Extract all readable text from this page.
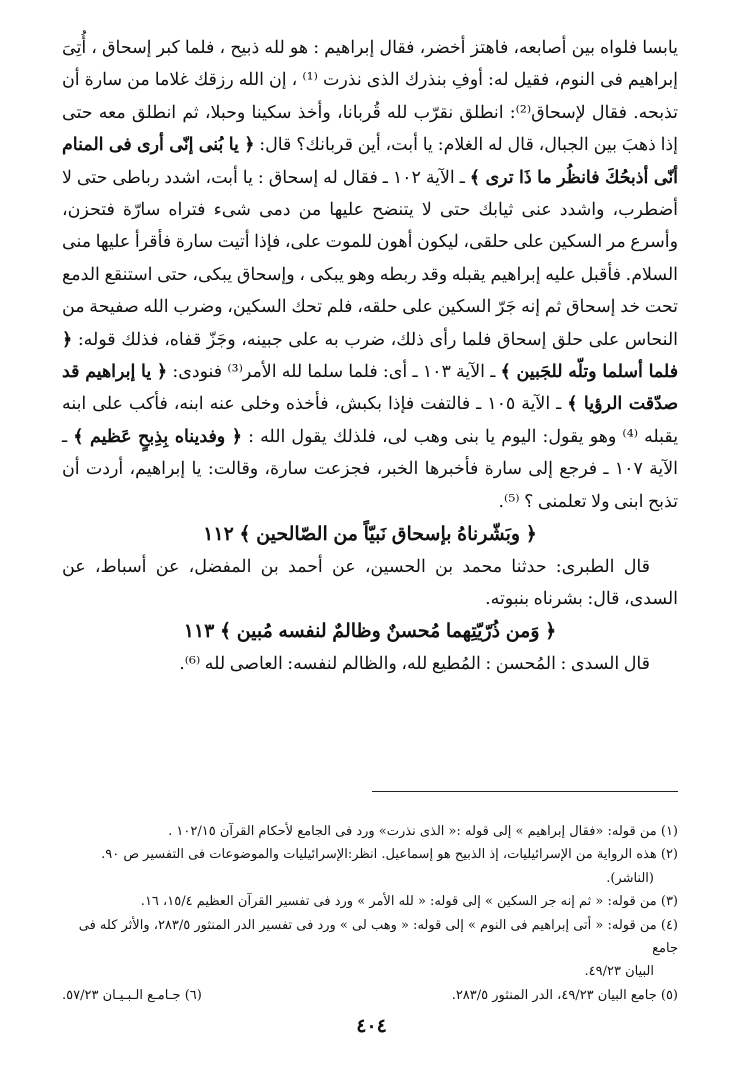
يابسا فلواه بين أصابعه، فاهتز أخضر، فقال إبراهيم : هو لله ذبيح ، فلما كبر إسحاق ، أُتِىَ إبراهيم فى النوم، فقيل له: أوفِ بنذرك الذى نذرت ⁽¹⁾ ، إن الله رزقك غلاما من سارة أن تذبحه. فقال لإسحاق⁽²⁾: انطلق نقرّب لله قُربانا، وأخذ سكينا وحبلا، ثم انطلق معه حتى إذا ذهبَ بين الجبال، قال له الغلام: يا أبت، أين قربانك؟ قال: ﴿ يا بُنى إنّى أرى فى المنام أنّى أذبحُكَ فانظُر ما ذَا ترى ﴾ ـ الآية ١٠٢ ـ فقال له إسحاق : يا أبت، اشدد رباطى حتى لا أضطرب، واشدد عنى ثيابك حتى لا يتنضح عليها من دمى شىء فتراه سارّة فتحزن، وأسرع مر السكين على حلقى، ليكون أهون للموت على، فإذا أتيت سارة فأقرأ عليها منى السلام. فأقبل عليه إبراهيم يقبله وقد ربطه وهو يبكى ، وإسحاق يبكى، حتى استنقع الدمع تحت خد إسحاق ثم إنه جَرّ السكين على حلقه، فلم تحك السكين، وضرب الله صفيحة من النحاس على حلق إسحاق فلما رأى ذلك، ضرب به على جبينه، وجَزّ قفاه، فذلك قوله: ﴿ فلما أسلما وتلّه للجَبين ﴾ ـ الآية ١٠٣ ـ أى: فلما سلما لله الأمر⁽³⁾ فنودى: ﴿ يا إبراهيم قد صدّقت الرؤيا ﴾ ـ الآية ١٠٥ ـ فالتفت فإذا بكبش، فأخذه وخلى عنه ابنه، فأكب على ابنه يقبله ⁽⁴⁾ وهو يقول: اليوم يا بنى وهب لى، فلذلك يقول الله : ﴿ وفديناه بِذِبحٍ عَظيم ﴾ ـ الآية ١٠٧ ـ فرجع إلى سارة فأخبرها الخبر، فجزعت سارة، وقالت: يا إبراهيم، أردت أن تذبح ابنى ولا تعلمنى ؟ ⁽⁵⁾.

﴿ وبَشّرناهُ بإسحاق نَبيّاً من الصّالحين ﴾ ١١٢

قال الطبرى: حدثنا محمد بن الحسين، عن أحمد بن المفضل، عن أسباط، عن السدى، قال: بشرناه بنبوته.

﴿ وَمن ذُرّيّتِهما مُحسنٌ وظالمٌ لنفسه مُبين ﴾ ١١٣

قال السدى : المُحسن : المُطيع لله، والظالم لنفسه: العاصى لله ⁽⁶⁾.

(١) من قوله: «فقال إبراهيم » إلى قوله :« الذى نذرت» ورد فى الجامع لأحكام القرآن ١٠٢/١٥ .

(٢) هذه الرواية من الإسرائيليات، إذ الذبيح هو إسماعيل. انظر:الإسرائيليات والموضوعات فى التفسير ص ٩٠.
(الناشر).

(٣) من قوله: « ثم إنه جر السكين » إلى قوله: « لله الأمر » ورد فى تفسير القرآن العظيم ١٥/٤، ١٦.

(٤) من قوله: « أتى إبراهيم فى النوم » إلى قوله: « وهب لى » ورد فى تفسير الدر المنثور ٢٨٣/٥، والأثر كله فى جامع
البيان ٤٩/٢٣.

(٥) جامع البيان ٤٩/٢٣، الدر المنثور ٢٨٣/٥.
(٦) جـامـع الـبـيـان ٥٧/٢٣.
٤٠٤
